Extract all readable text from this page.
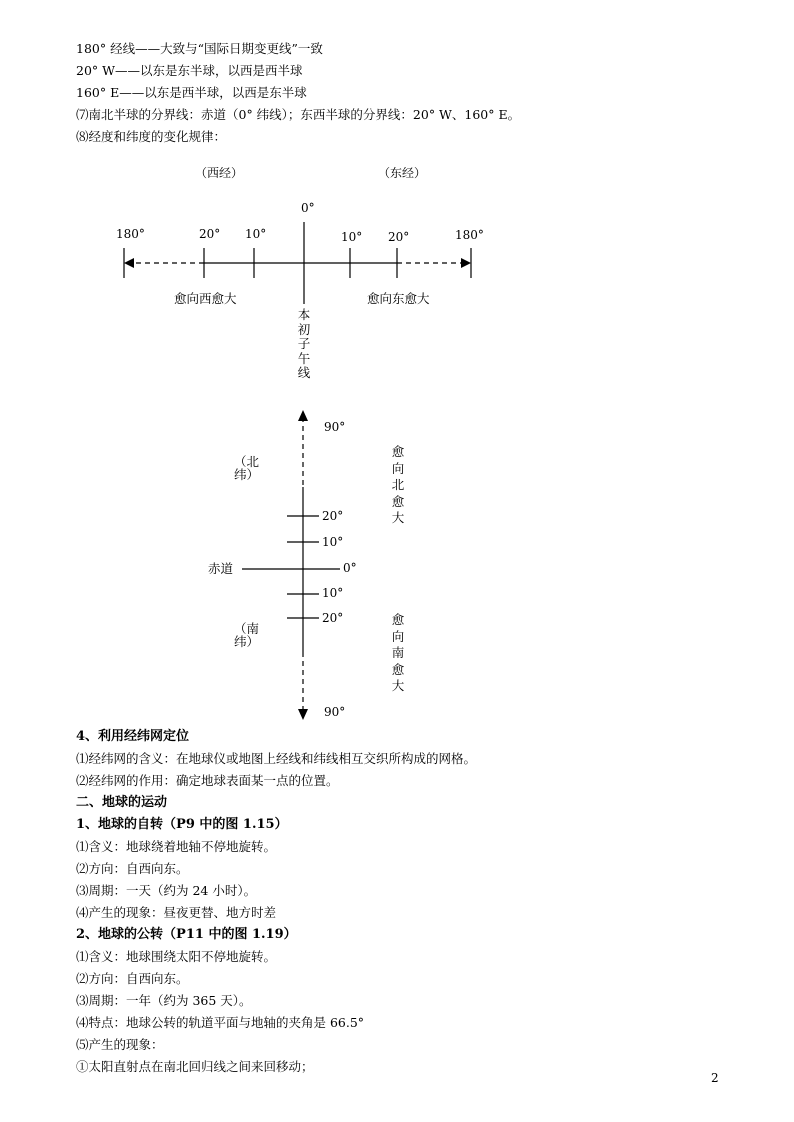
180° 经线——大致与“国际日期变更线”一致
20° W——以东是东半球，以西是西半球
160° E——以东是西半球，以西是东半球
⑺南北半球的分界线：赤道（0° 纬线）；东西半球的分界线：20° W、160° E。
⑻经度和纬度的变化规律：
（西经）	（东经）
0°
180°	20° 10°	10° 20°	180°
愈向西愈大	愈向东愈大
本初子午线
90°
20°
10°
0°
10°
20°
90°
赤道
（北纬）
（南纬）
愈向北愈大
愈向南愈大
4、利用经纬网定位
⑴经纬网的含义：在地球仪或地图上经线和纬线相互交织所构成的网格。
⑵经纬网的作用：确定地球表面某一点的位置。
二、地球的运动
1、地球的自转（P9 中的图 1.15）
⑴含义：地球绕着地轴不停地旋转。
⑵方向：自西向东。
⑶周期：一天（约为 24 小时）。
⑷产生的现象：昼夜更替、地方时差
2、地球的公转（P11 中的图 1.19）
⑴含义：地球围绕太阳不停地旋转。
⑵方向：自西向东。
⑶周期：一年（约为 365 天）。
⑷特点：地球公转的轨道平面与地轴的夹角是 66.5°
⑸产生的现象：
①太阳直射点在南北回归线之间来回移动；
2
